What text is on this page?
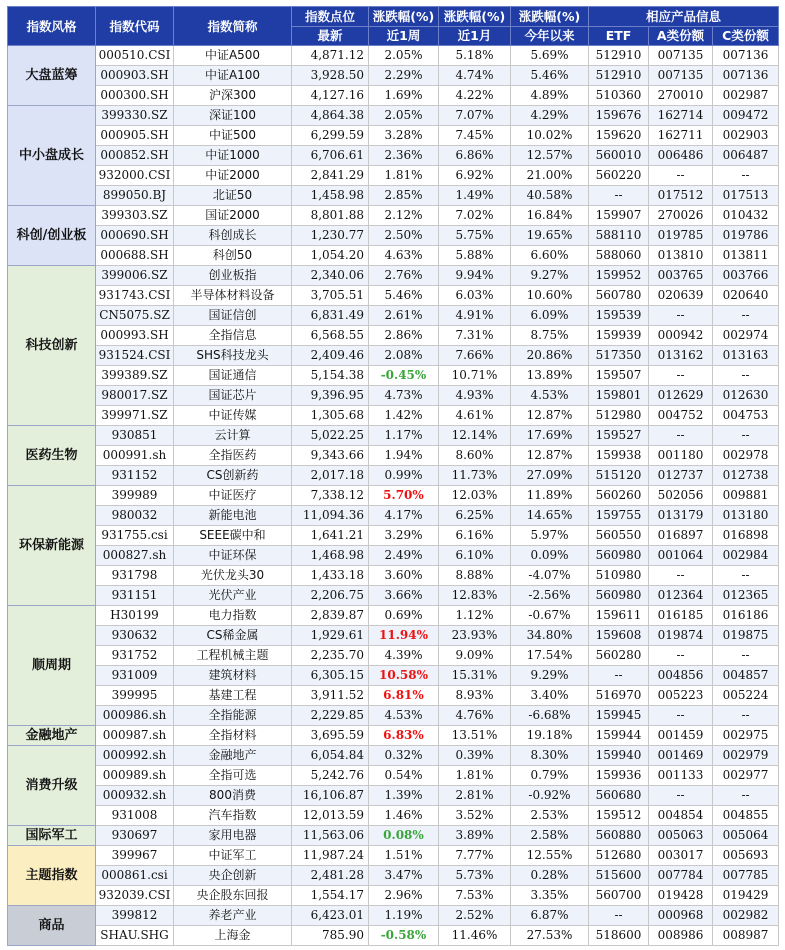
指数风格	指数代码	指数简称	指数点位	涨跌幅(%)	涨跌幅(%)	涨跌幅(%)	相应产品信息		
			最新	近1周	近1月	今年以来	ETF	A类份额	C类份额
大盘蓝筹	000510.CSI	中证A500	4,871.12	2.05%	5.18%	5.69%	512910	007135	007136
	000903.SH	中证A100	3,928.50	2.29%	4.74%	5.46%	512910	007135	007136
	000300.SH	沪深300	4,127.16	1.69%	4.22%	4.89%	510360	270010	002987
中小盘成长	399330.SZ	深证100	4,864.38	2.05%	7.07%	4.29%	159676	162714	009472
	000905.SH	中证500	6,299.59	3.28%	7.45%	10.02%	159620	162711	002903
	000852.SH	中证1000	6,706.61	2.36%	6.86%	12.57%	560010	006486	006487
	932000.CSI	中证2000	2,841.29	1.81%	6.92%	21.00%	560220	--	--
	899050.BJ	北证50	1,458.98	2.85%	1.49%	40.58%	--	017512	017513
科创/创业板	399303.SZ	国证2000	8,801.88	2.12%	7.02%	16.84%	159907	270026	010432
	000690.SH	科创成长	1,230.77	2.50%	5.75%	19.65%	588110	019785	019786
	000688.SH	科创50	1,054.20	4.63%	5.88%	6.60%	588060	013810	013811
科技创新	399006.SZ	创业板指	2,340.06	2.76%	9.94%	9.27%	159952	003765	003766
	931743.CSI	半导体材料设备	3,705.51	5.46%	6.03%	10.60%	560780	020639	020640
	CN5075.SZ	国证信创	6,831.49	2.61%	4.91%	6.09%	159539	--	--
	000993.SH	全指信息	6,568.55	2.86%	7.31%	8.75%	159939	000942	002974
	931524.CSI	SHS科技龙头	2,409.46	2.08%	7.66%	20.86%	517350	013162	013163
	399389.SZ	国证通信	5,154.38	-0.45%	10.71%	13.89%	159507	--	--
	980017.SZ	国证芯片	9,396.95	4.73%	4.93%	4.53%	159801	012629	012630
	399971.SZ	中证传媒	1,305.68	1.42%	4.61%	12.87%	512980	004752	004753
医药生物	930851	云计算	5,022.25	1.17%	12.14%	17.69%	159527	--	--
	000991.sh	全指医药	9,343.66	1.94%	8.60%	12.87%	159938	001180	002978
	931152	CS创新药	2,017.18	0.99%	11.73%	27.09%	515120	012737	012738
环保新能源	399989	中证医疗	7,338.12	5.70%	12.03%	11.89%	560260	502056	009881
	980032	新能电池	11,094.36	4.17%	6.25%	14.65%	159755	013179	013180
	931755.csi	SEEE碳中和	1,641.21	3.29%	6.16%	5.97%	560550	016897	016898
	000827.sh	中证环保	1,468.98	2.49%	6.10%	0.09%	560980	001064	002984
	931798	光伏龙头30	1,433.18	3.60%	8.88%	-4.07%	510980	--	--
	931151	光伏产业	2,206.75	3.66%	12.83%	-2.56%	560980	012364	012365
顺周期	H30199	电力指数	2,839.87	0.69%	1.12%	-0.67%	159611	016185	016186
	930632	CS稀金属	1,929.61	11.94%	23.93%	34.80%	159608	019874	019875
	931752	工程机械主题	2,235.70	4.39%	9.09%	17.54%	560280	--	--
	931009	建筑材料	6,305.15	10.58%	15.31%	9.29%	--	004856	004857
	399995	基建工程	3,911.52	6.81%	8.93%	3.40%	516970	005223	005224
	000986.sh	全指能源	2,229.85	4.53%	4.76%	-6.68%	159945	--	--
金融地产	000987.sh	全指材料	3,695.59	6.83%	13.51%	19.18%	159944	001459	002975
消费升级	000992.sh	金融地产	6,054.84	0.32%	0.39%	8.30%	159940	001469	002979
	000989.sh	全指可选	5,242.76	0.54%	1.81%	0.79%	159936	001133	002977
	000932.sh	800消费	16,106.87	1.39%	2.81%	-0.92%	560680	--	--
	931008	汽车指数	12,013.59	1.46%	3.52%	2.53%	159512	004854	004855
国际军工	930697	家用电器	11,563.06	0.08%	3.89%	2.58%	560880	005063	005064
主题指数	399967	中证军工	11,987.24	1.51%	7.77%	12.55%	512680	003017	005693
	000861.csi	央企创新	2,481.28	3.47%	5.73%	0.28%	515600	007784	007785
	932039.CSI	央企股东回报	1,554.17	2.96%	7.53%	3.35%	560700	019428	019429
商品	399812	养老产业	6,423.01	1.19%	2.52%	6.87%	--	000968	002982
	SHAU.SHG	上海金	785.90	-0.58%	11.46%	27.53%	518600	008986	008987
